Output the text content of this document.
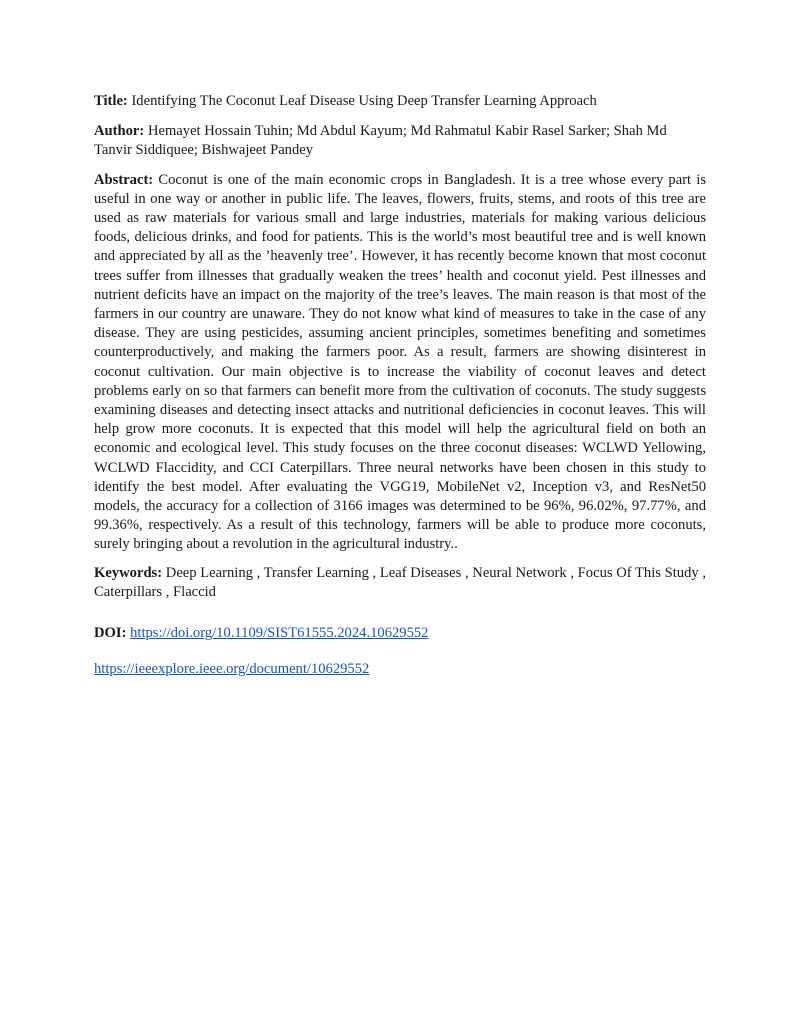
Title: Identifying The Coconut Leaf Disease Using Deep Transfer Learning Approach

Author: Hemayet Hossain Tuhin; Md Abdul Kayum; Md Rahmatul Kabir Rasel Sarker; Shah Md Tanvir Siddiquee; Bishwajeet Pandey

Abstract: Coconut is one of the main economic crops in Bangladesh. It is a tree whose every part is useful in one way or another in public life. The leaves, flowers, fruits, stems, and roots of this tree are used as raw materials for various small and large industries, materials for making various delicious foods, delicious drinks, and food for patients. This is the world’s most beautiful tree and is well known and appreciated by all as the ’heavenly tree’. However, it has recently become known that most coconut trees suffer from illnesses that gradually weaken the trees’ health and coconut yield. Pest illnesses and nutrient deficits have an impact on the majority of the tree’s leaves. The main reason is that most of the farmers in our country are unaware. They do not know what kind of measures to take in the case of any disease. They are using pesticides, assuming ancient principles, sometimes benefiting and sometimes counterproductively, and making the farmers poor. As a result, farmers are showing disinterest in coconut cultivation. Our main objective is to increase the viability of coconut leaves and detect problems early on so that farmers can benefit more from the cultivation of coconuts. The study suggests examining diseases and detecting insect attacks and nutritional deficiencies in coconut leaves. This will help grow more coconuts. It is expected that this model will help the agricultural field on both an economic and ecological level. This study focuses on the three coconut diseases: WCLWD Yellowing, WCLWD Flaccidity, and CCI Caterpillars. Three neural networks have been chosen in this study to identify the best model. After evaluating the VGG19, MobileNet v2, Inception v3, and ResNet50 models, the accuracy for a collection of 3166 images was determined to be 96%, 96.02%, 97.77%, and 99.36%, respectively. As a result of this technology, farmers will be able to produce more coconuts, surely bringing about a revolution in the agricultural industry..

Keywords: Deep Learning , Transfer Learning , Leaf Diseases , Neural Network , Focus Of This Study , Caterpillars , Flaccid

DOI: https://doi.org/10.1109/SIST61555.2024.10629552

https://ieeexplore.ieee.org/document/10629552
